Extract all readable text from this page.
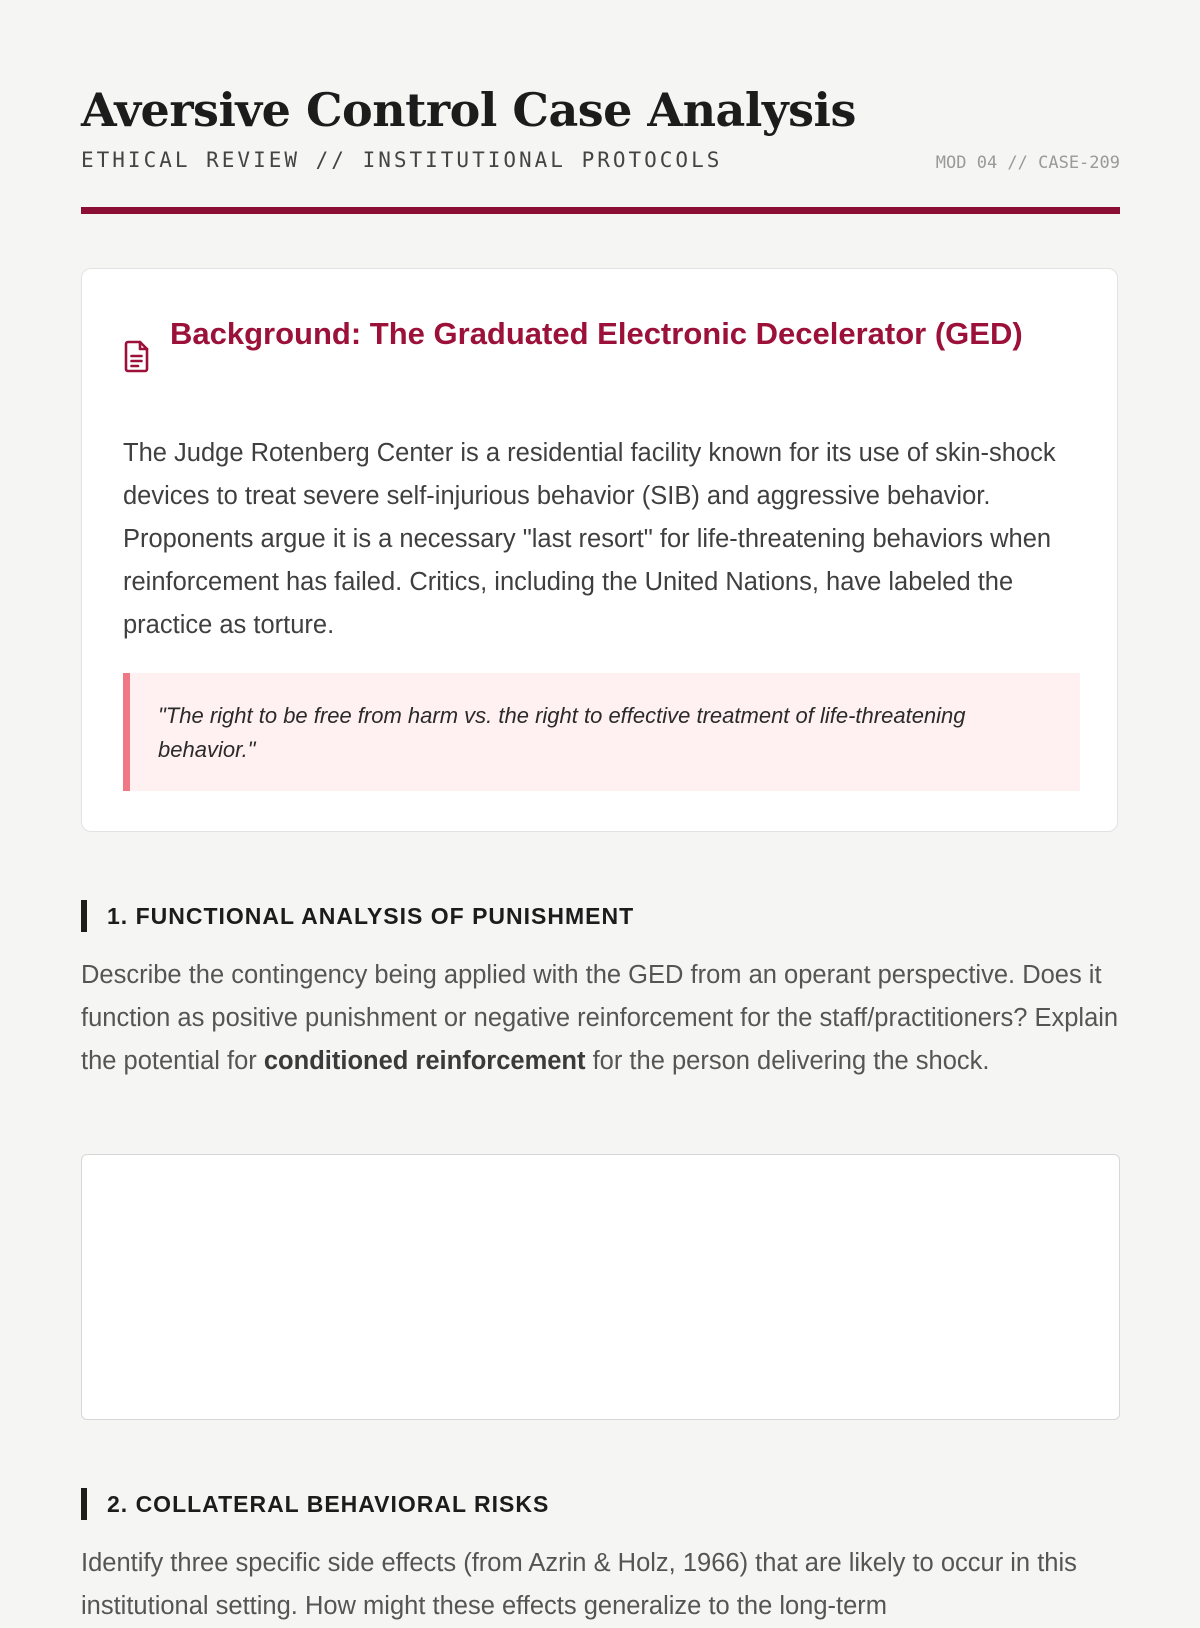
Aversive Control Case Analysis
ETHICAL REVIEW // INSTITUTIONAL PROTOCOLS	MOD 04 // CASE-209
Background: The Graduated Electronic Decelerator (GED)

The Judge Rotenberg Center is a residential facility known for its use of skin-shock devices to treat severe self-injurious behavior (SIB) and aggressive behavior. Proponents argue it is a necessary "last resort" for life-threatening behaviors when reinforcement has failed. Critics, including the United Nations, have labeled the practice as torture.

"The right to be free from harm vs. the right to effective treatment of life-threatening behavior."

1. FUNCTIONAL ANALYSIS OF PUNISHMENT

Describe the contingency being applied with the GED from an operant perspective. Does it function as positive punishment or negative reinforcement for the staff/practitioners? Explain the potential for conditioned reinforcement for the person delivering the shock.

2. COLLATERAL BEHAVIORAL RISKS

Identify three specific side effects (from Azrin & Holz, 1966) that are likely to occur in this institutional setting. How might these effects generalize to the long-term
